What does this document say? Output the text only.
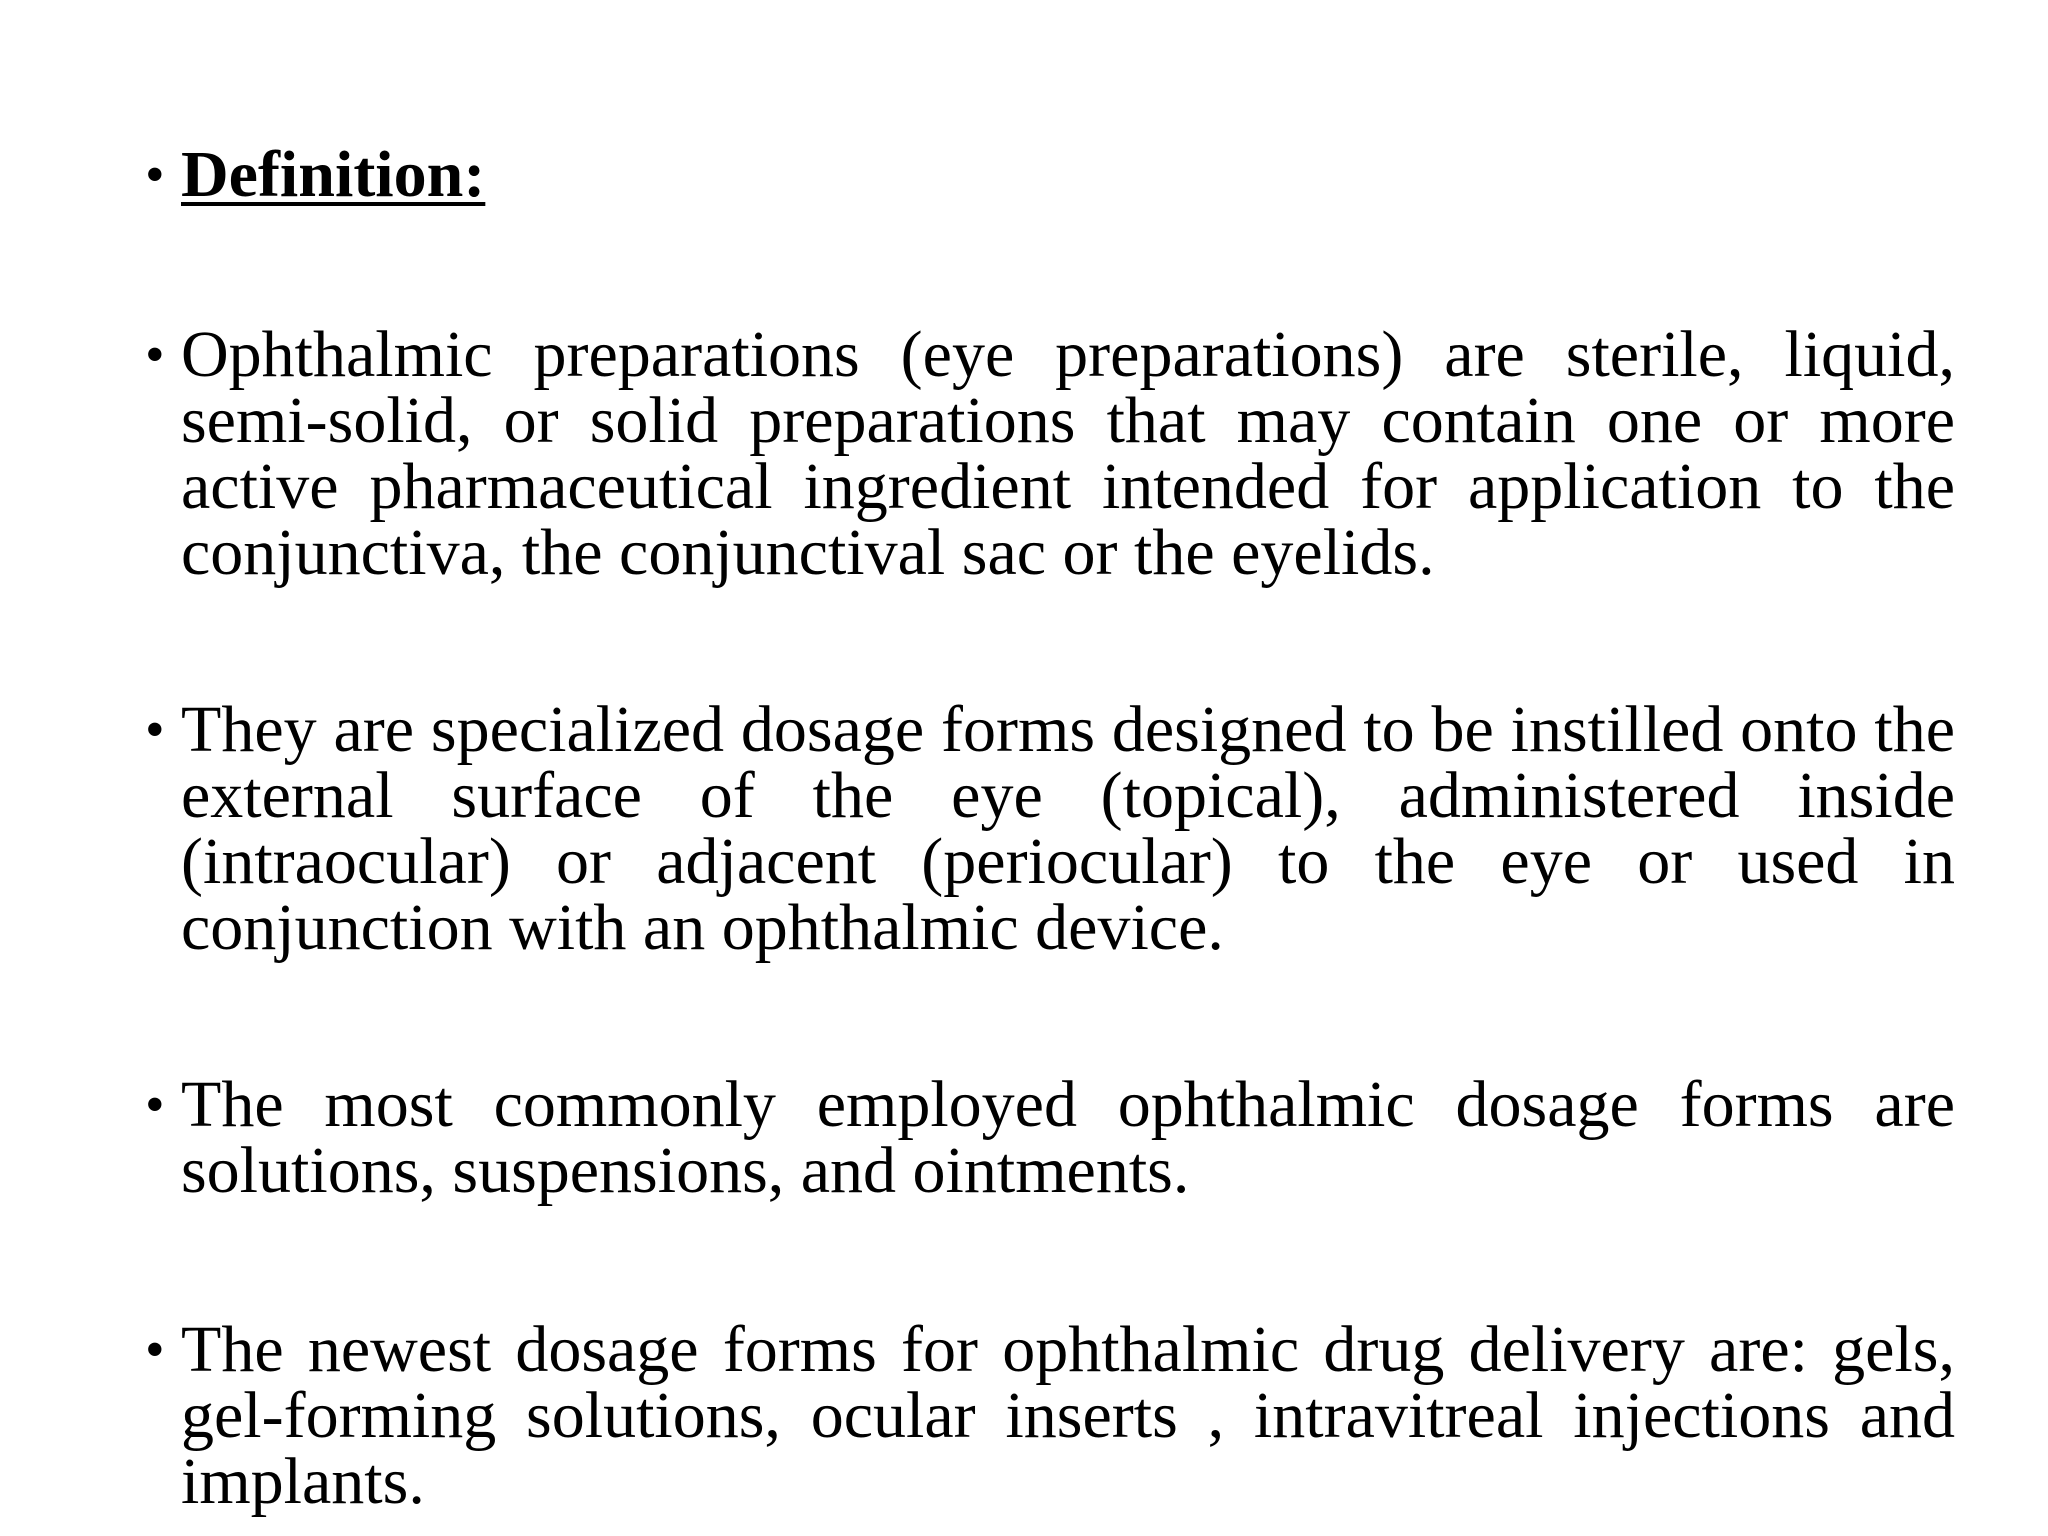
• Definition:
• Ophthalmic preparations (eye preparations) are sterile, liquid, semi-solid, or solid preparations that may contain one or more active pharmaceutical ingredient intended for application to the conjunctiva, the conjunctival sac or the eyelids.
• They are specialized dosage forms designed to be instilled onto the external surface of the eye (topical), administered inside (intraocular) or adjacent (periocular) to the eye or used in conjunction with an ophthalmic device.
• The most commonly employed ophthalmic dosage forms are solutions, suspensions, and ointments.
• The newest dosage forms for ophthalmic drug delivery are: gels, gel-forming solutions, ocular inserts , intravitreal injections and implants.
